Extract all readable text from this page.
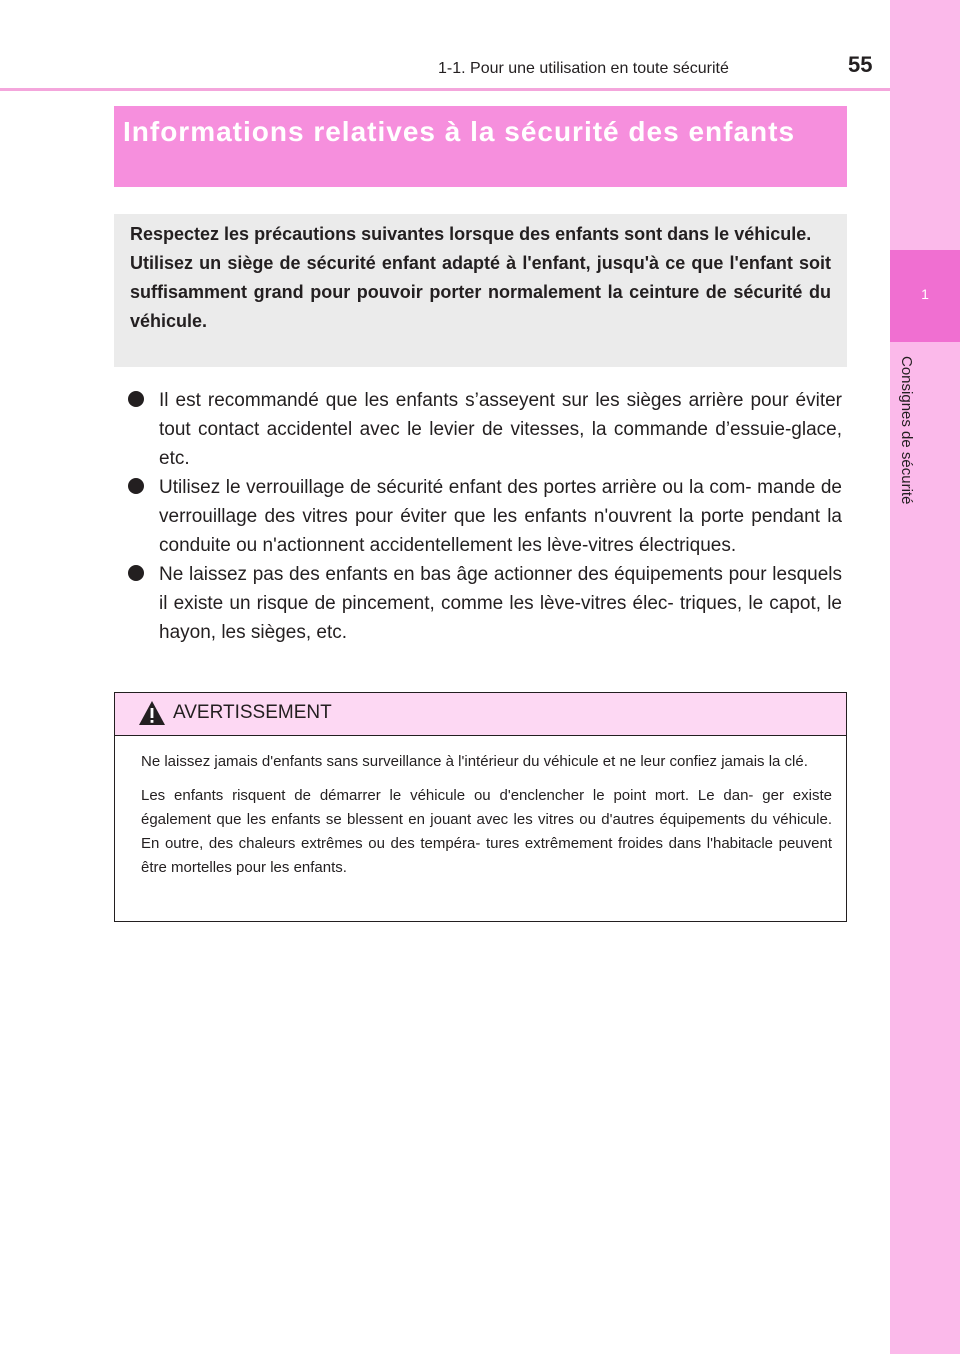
1-1. Pour une utilisation en toute sécurité	55
1
Consignes de sécurité
Informations relatives à la sécurité des enfants

Respectez les précautions suivantes lorsque des enfants sont dans le véhicule.

Utilisez un siège de sécurité enfant adapté à l'enfant, jusqu'à ce que l'enfant soit suffisamment grand pour pouvoir porter normalement la ceinture de sécurité du véhicule.

Il est recommandé que les enfants s’asseyent sur les sièges arrière pour éviter tout contact accidentel avec le levier de vitesses, la commande d’essuie-glace, etc.
Utilisez le verrouillage de sécurité enfant des portes arrière ou la com- mande de verrouillage des vitres pour éviter que les enfants n'ouvrent la porte pendant la conduite ou n'actionnent accidentellement les lève-vitres électriques.
Ne laissez pas des enfants en bas âge actionner des équipements pour lesquels il existe un risque de pincement, comme les lève-vitres élec- triques, le capot, le hayon, les sièges, etc.
AVERTISSEMENT

Ne laissez jamais d'enfants sans surveillance à l'intérieur du véhicule et ne leur confiez jamais la clé.

Les enfants risquent de démarrer le véhicule ou d'enclencher le point mort. Le dan- ger existe également que les enfants se blessent en jouant avec les vitres ou d'autres équipements du véhicule. En outre, des chaleurs extrêmes ou des tempéra- tures extrêmement froides dans l'habitacle peuvent être mortelles pour les enfants.
